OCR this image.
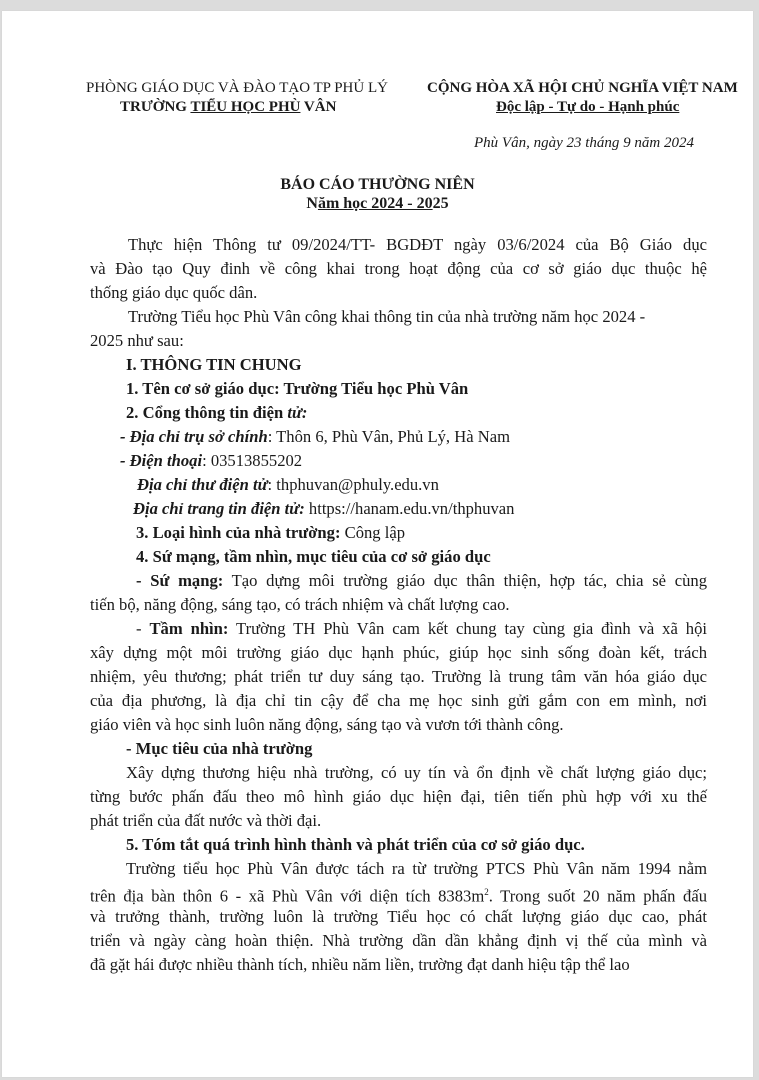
PHÒNG GIÁO DỤC VÀ ĐÀO TẠO TP PHỦ LÝ
TRƯỜNG TIỂU HỌC PHÙ VÂN
CỘNG HÒA XÃ HỘI CHỦ NGHĨA VIỆT NAM
Độc lập - Tự do - Hạnh phúc
Phù Vân, ngày 23 tháng 9 năm 2024
BÁO CÁO THƯỜNG NIÊN
Năm học 2024 - 2025
Thực hiện Thông tư 09/2024/TT- BGDĐT ngày 03/6/2024 của Bộ Giáo dục
và Đào tạo Quy đinh về công khai trong hoạt động của cơ sở giáo dục thuộc hệ
thống giáo dục quốc dân.
Trường Tiểu học Phù Vân công khai thông tin của nhà trường năm học 2024 -
2025 như sau:
I. THÔNG TIN CHUNG
1. Tên cơ sở giáo dục: Trường Tiểu học Phù Vân
2. Cổng thông tin điện tử:
- Địa chỉ trụ sở chính: Thôn 6, Phù Vân, Phủ Lý, Hà Nam
- Điện thoại: 03513855202
Địa chỉ thư điện tử: thphuvan@phuly.edu.vn
Địa chỉ trang tin điện tử: https://hanam.edu.vn/thphuvan
3. Loại hình của nhà trường: Công lập
4. Sứ mạng, tầm nhìn, mục tiêu của cơ sở giáo dục
- Sứ mạng: Tạo dựng môi trường giáo dục thân thiện, hợp tác, chia sẻ cùng
tiến bộ, năng động, sáng tạo, có trách nhiệm và chất lượng cao.
- Tầm nhìn: Trường TH Phù Vân cam kết chung tay cùng gia đình và xã hội
xây dựng một môi trường giáo dục hạnh phúc, giúp học sinh sống đoàn kết, trách
nhiệm, yêu thương; phát triển tư duy sáng tạo. Trường là trung tâm văn hóa giáo dục
của địa phương, là địa chỉ tin cậy để cha mẹ học sinh gửi gắm con em mình, nơi
giáo viên và học sinh luôn năng động, sáng tạo và vươn tới thành công.
- Mục tiêu của nhà trường
Xây dựng thương hiệu nhà trường, có uy tín và ổn định về chất lượng giáo dục;
từng bước phấn đấu theo mô hình giáo dục hiện đại, tiên tiến phù hợp với xu thế
phát triển của đất nước và thời đại.
5. Tóm tắt quá trình hình thành và phát triển của cơ sở giáo dục.
Trường tiểu học Phù Vân được tách ra từ trường PTCS Phù Vân năm 1994 nằm
trên địa bàn thôn 6 - xã Phù Vân với diện tích $8383m^2$. Trong suốt 20 năm phấn đấu
và trưởng thành, trường luôn là trường Tiểu học có chất lượng giáo dục cao, phát
triển và ngày càng hoàn thiện. Nhà trường dần dần khẳng định vị thế của mình và
đã gặt hái được nhiều thành tích, nhiều năm liền, trường đạt danh hiệu tập thể lao
